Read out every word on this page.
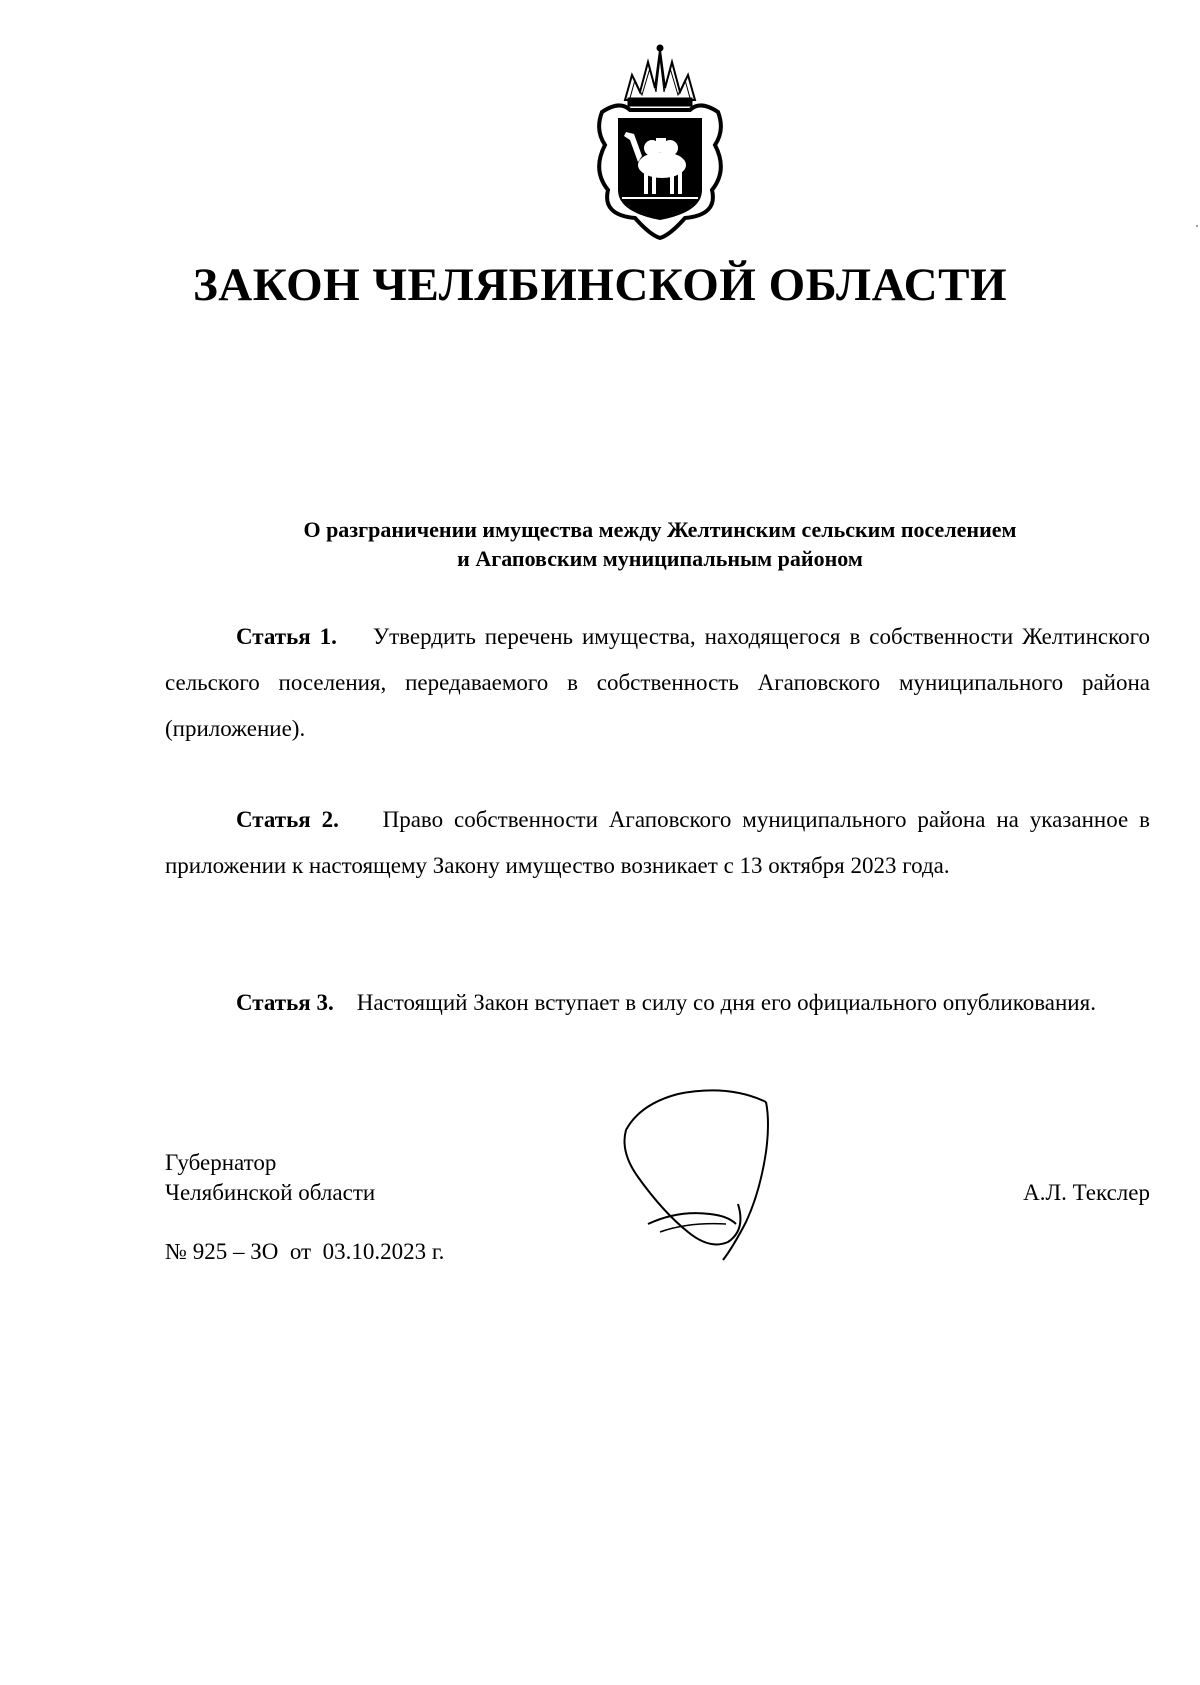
ЗАКОН ЧЕЛЯБИНСКОЙ ОБЛАСТИ
О разграничении имущества между Желтинским сельским поселением
и Агаповским муниципальным районом

Статья 1. Утвердить перечень имущества, находящегося в собственности Желтинского сельского поселения, передаваемого в собственность Агаповского муниципального района (приложение).

Статья 2. Право собственности Агаповского муниципального района на указанное в приложении к настоящему Закону имущество возникает с 13 октября 2023 года.

Статья 3. Настоящий Закон вступает в силу со дня его официального опубликования.

Губернатор
Челябинской области	А.Л. Текслер
№ 925 – ЗО  от  03.10.2023 г.
